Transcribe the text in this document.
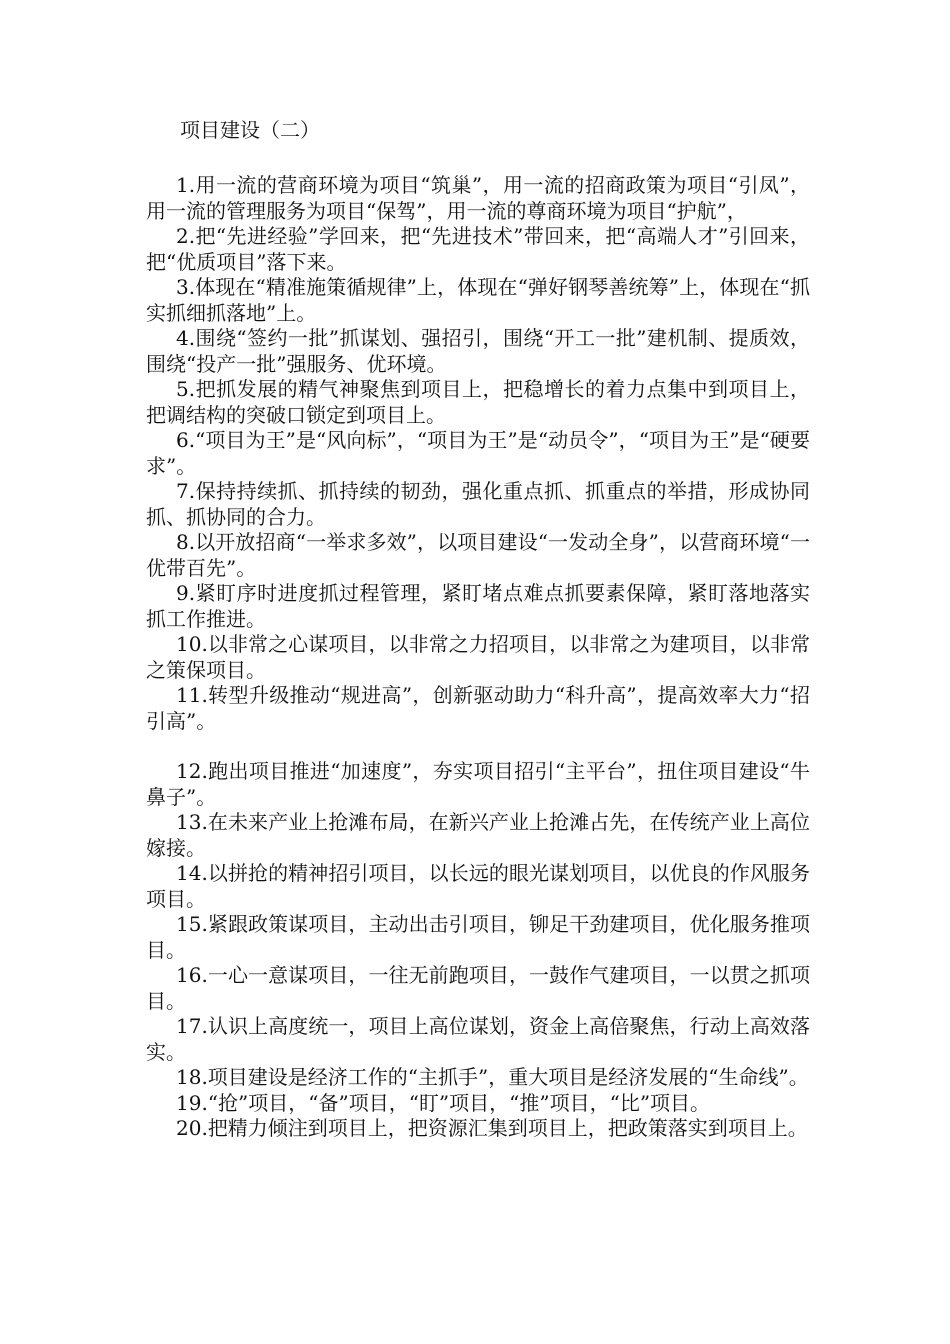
项目建设（二）

1.用一流的营商环境为项目“筑巢”，用一流的招商政策为项目“引凤”，用一流的管理服务为项目“保驾”，用一流的尊商环境为项目“护航”，

2.把“先进经验”学回来，把“先进技术”带回来，把“高端人才”引回来，把“优质项目”落下来。

3.体现在“精准施策循规律”上，体现在“弹好钢琴善统筹”上，体现在“抓实抓细抓落地”上。

4.围绕“签约一批”抓谋划、强招引，围绕“开工一批”建机制、提质效，围绕“投产一批”强服务、优环境。

5.把抓发展的精气神聚焦到项目上，把稳增长的着力点集中到项目上，把调结构的突破口锁定到项目上。

6.“项目为王”是“风向标”，“项目为王”是“动员令”，“项目为王”是“硬要求”。

7.保持持续抓、抓持续的韧劲，强化重点抓、抓重点的举措，形成协同抓、抓协同的合力。

8.以开放招商“一举求多效”，以项目建设“一发动全身”，以营商环境“一优带百先”。

9.紧盯序时进度抓过程管理，紧盯堵点难点抓要素保障，紧盯落地落实抓工作推进。

10.以非常之心谋项目，以非常之力招项目，以非常之为建项目，以非常之策保项目。

11.转型升级推动“规进高”，创新驱动助力“科升高”，提高效率大力“招引高”。

12.跑出项目推进“加速度”，夯实项目招引“主平台”，扭住项目建设“牛鼻子”。

13.在未来产业上抢滩布局，在新兴产业上抢滩占先，在传统产业上高位嫁接。

14.以拼抢的精神招引项目，以长远的眼光谋划项目，以优良的作风服务项目。

15.紧跟政策谋项目，主动出击引项目，铆足干劲建项目，优化服务推项目。

16.一心一意谋项目，一往无前跑项目，一鼓作气建项目，一以贯之抓项目。

17.认识上高度统一，项目上高位谋划，资金上高倍聚焦，行动上高效落实。

18.项目建设是经济工作的“主抓手”，重大项目是经济发展的“生命线”。

19.“抢”项目，“备”项目，“盯”项目，“推”项目，“比”项目。

20.把精力倾注到项目上，把资源汇集到项目上，把政策落实到项目上。
